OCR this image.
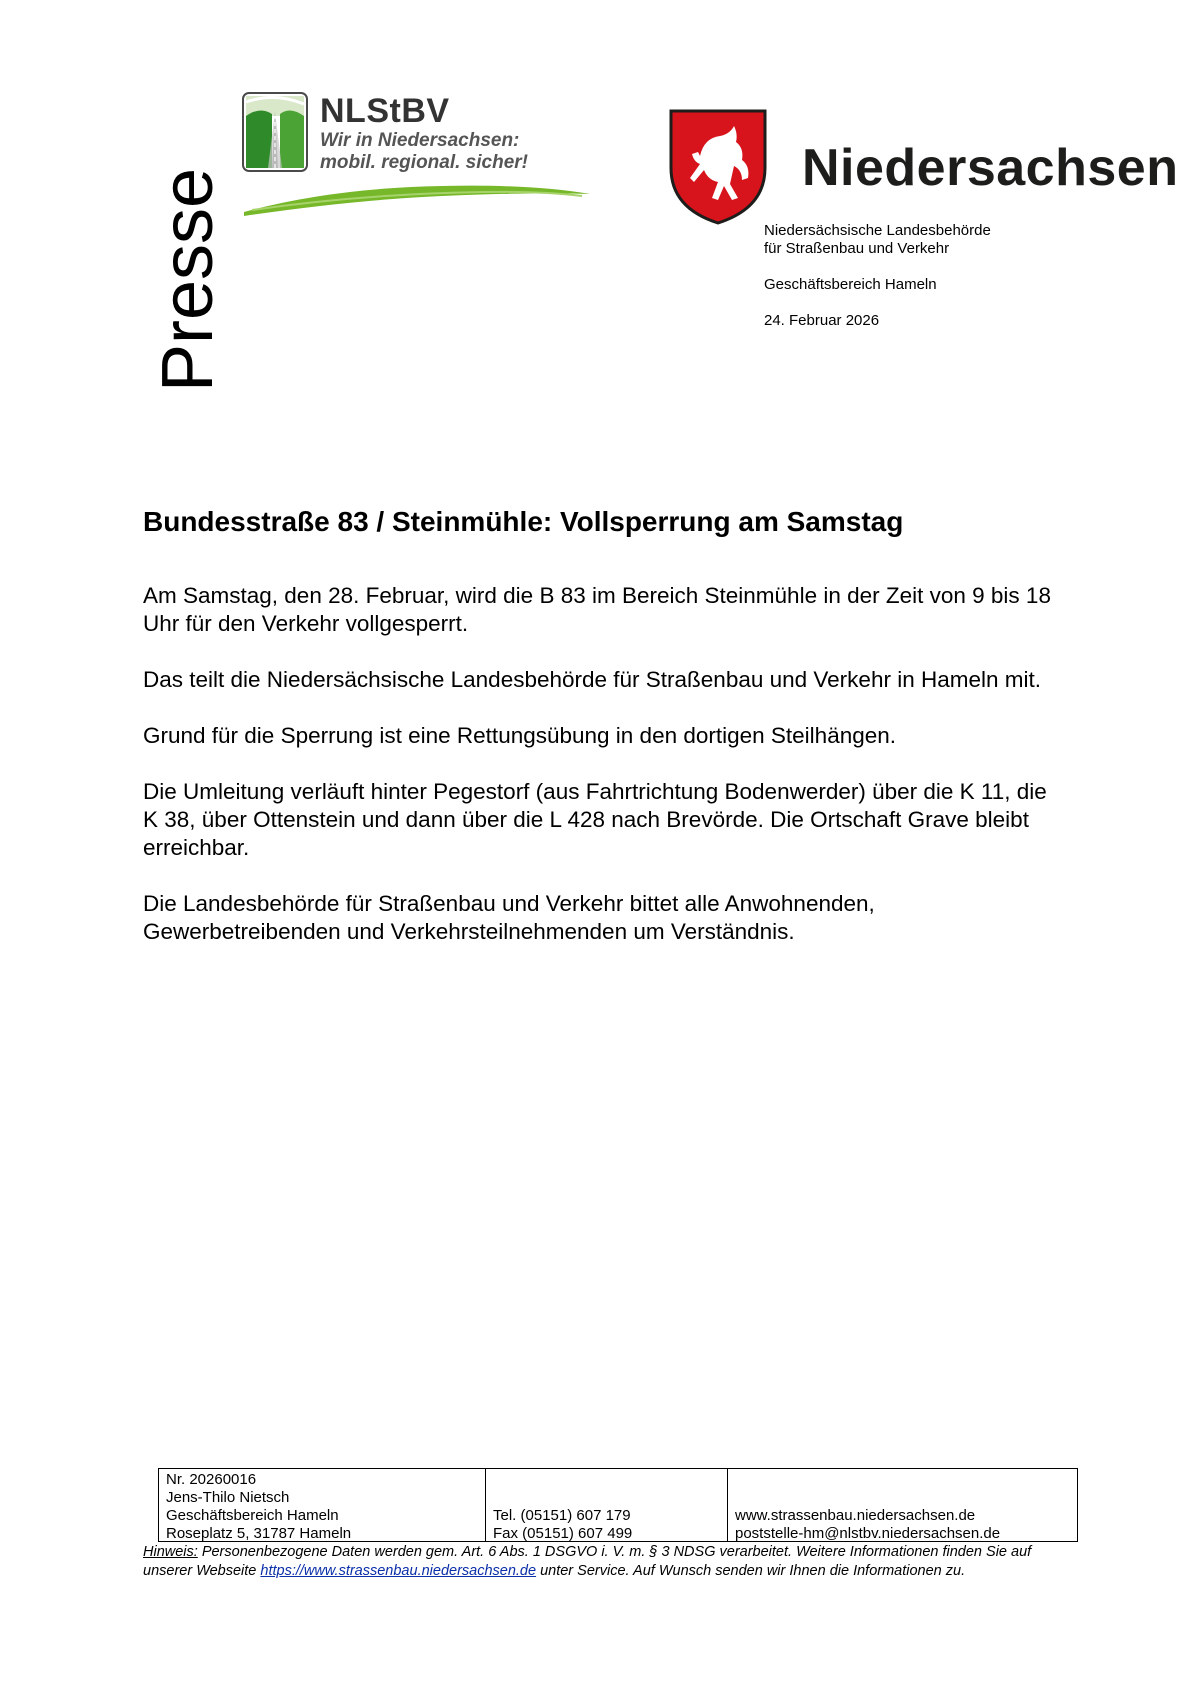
Presse
NLStBV
Wir in Niedersachsen:
mobil. regional. sicher!	Niedersachsen

Niedersächsische Landesbehörde

für Straßenbau und Verkehr

Geschäftsbereich Hameln

24. Februar 2026

Bundesstraße 83 / Steinmühle: Vollsperrung am Samstag

Am Samstag, den 28. Februar, wird die B 83 im Bereich Steinmühle in der Zeit von 9 bis 18 Uhr für den Verkehr vollgesperrt.

Das teilt die Niedersächsische Landesbehörde für Straßenbau und Verkehr in Hameln mit.

Grund für die Sperrung ist eine Rettungsübung in den dortigen Steilhängen.

Die Umleitung verläuft hinter Pegestorf (aus Fahrtrichtung Bodenwerder) über die K 11, die K 38, über Ottenstein und dann über die L 428 nach Brevörde. Die Ortschaft Grave bleibt erreichbar.

Die Landesbehörde für Straßenbau und Verkehr bittet alle Anwohnenden, Gewerbetreibenden und Verkehrsteilnehmenden um Verständnis.

Nr. 20260016
Jens-Thilo Nietsch
Geschäftsbereich Hameln
Roseplatz 5, 31787 Hameln
Tel. (05151) 607 179
Fax (05151) 607 499
www.strassenbau.niedersachsen.de
poststelle-hm@nlstbv.niedersachsen.de
Hinweis: Personenbezogene Daten werden gem. Art. 6 Abs. 1 DSGVO i. V. m. § 3 NDSG verarbeitet. Weitere Informationen finden Sie auf unserer Webseite https://www.strassenbau.niedersachsen.de unter Service. Auf Wunsch senden wir Ihnen die Informationen zu.
